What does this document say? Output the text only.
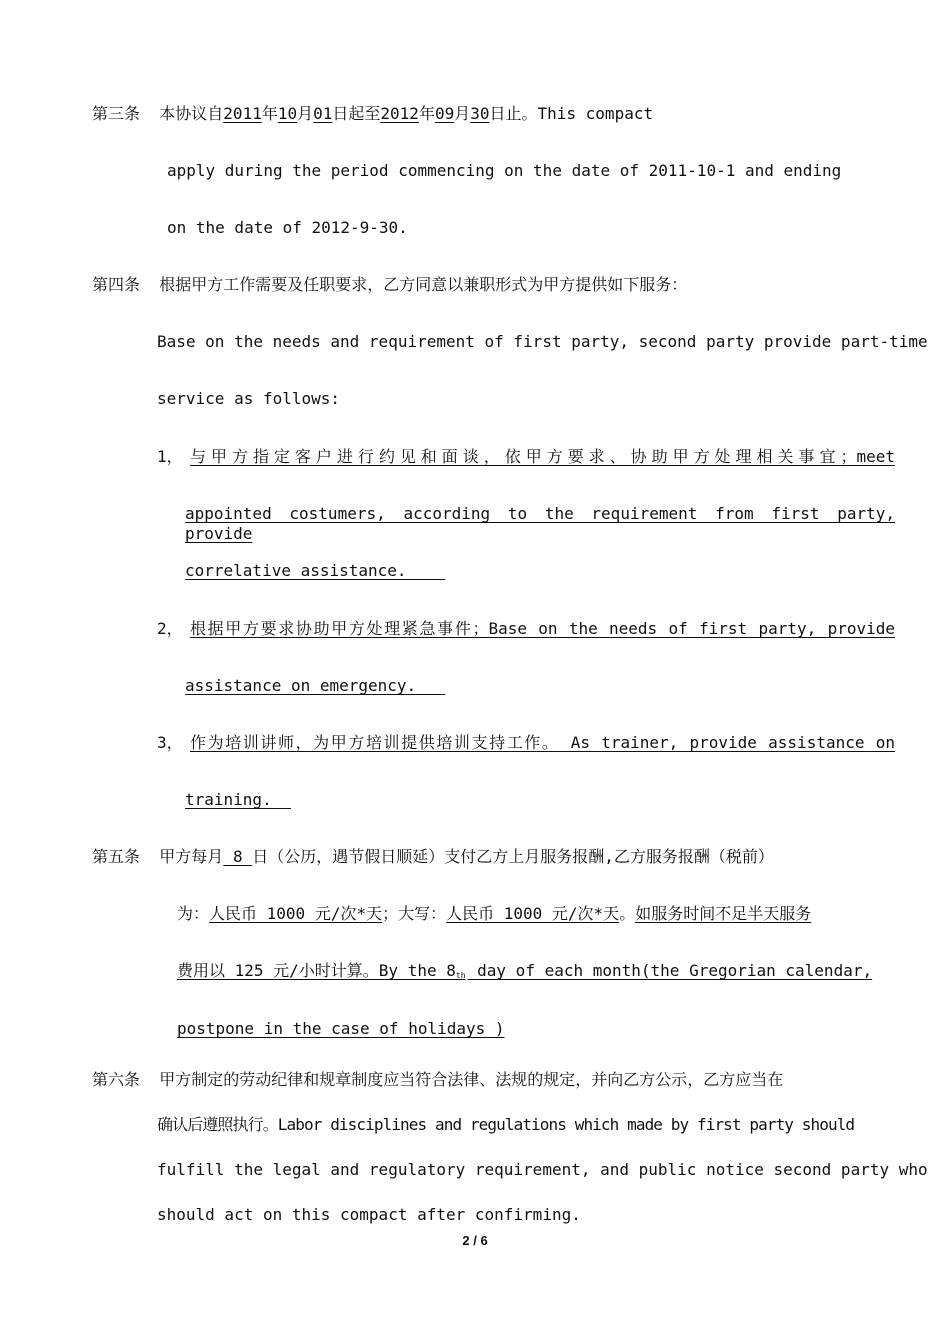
第三条 本协议自2011年10月01日起至2012年09月30日止。This compact
apply during the period commencing on the date of 2011-10-1 and ending
on the date of 2012-9-30.
第四条 根据甲方工作需要及任职要求，乙方同意以兼职形式为甲方提供如下服务：
Base on the needs and requirement of first party, second party provide part-time
service as follows:
1， 与甲方指定客户进行约见和面谈，依甲方要求、协助甲方处理相关事宜；meet
appointed costumers, according to the requirement from first party, provide
correlative assistance.
2， 根据甲方要求协助甲方处理紧急事件；Base on the needs of first party, provide
assistance on emergency.
3， 作为培训讲师，为甲方培训提供培训支持工作。 As trainer, provide assistance on
training.
第五条 甲方每月 8 日（公历，遇节假日顺延）支付乙方上月服务报酬,乙方服务报酬（税前）
为：人民币 1000 元/次*天；大写：人民币 1000 元/次*天。如服务时间不足半天服务
费用以 125 元/小时计算。By the 8th day of each month(the Gregorian calendar,
postpone in the case of holidays )
第六条 甲方制定的劳动纪律和规章制度应当符合法律、法规的规定，并向乙方公示，乙方应当在
确认后遵照执行。Labor disciplines and regulations which made by first party should
fulfill the legal and regulatory requirement, and public notice second party who
should act on this compact after confirming.
2 / 6
